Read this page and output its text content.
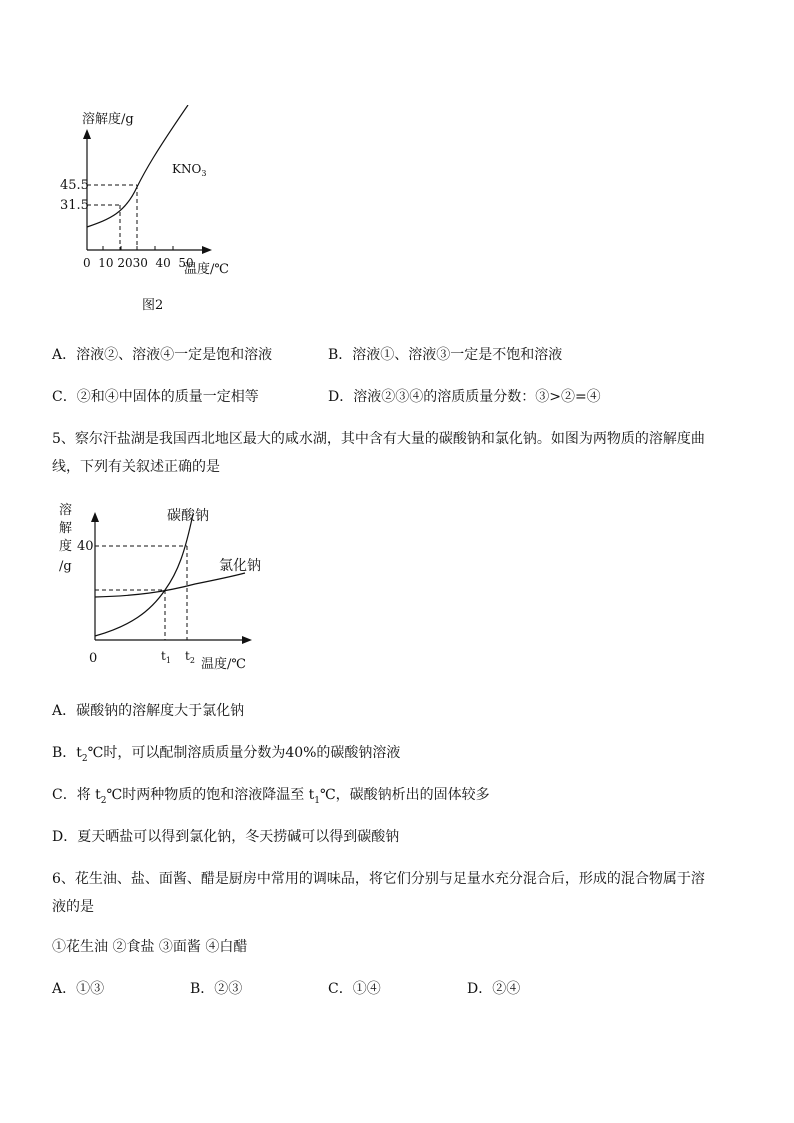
溶解度/g
45.5
31.5
$KNO_3$
0  10 2030  40  50
温度/℃
图2
A．溶液②、溶液④一定是饱和溶液	B．溶液①、溶液③一定是不饱和溶液
C．②和④中固体的质量一定相等	D．溶液②③④的溶质质量分数：③>②=④
5、察尔汗盐湖是我国西北地区最大的咸水湖，其中含有大量的碳酸钠和氯化钠。如图为两物质的溶解度曲
线，下列有关叙述正确的是
溶
解
度
/g
40
0	$t_1$ $t_2$ 温度/℃
碳酸钠
氯化钠
A．碳酸钠的溶解度大于氯化钠
B．$t_2℃$时，可以配制溶质质量分数为40%的碳酸钠溶液
C．将 $t_2℃$时两种物质的饱和溶液降温至 $t_1℃$，碳酸钠析出的固体较多
D．夏天晒盐可以得到氯化钠，冬天捞碱可以得到碳酸钠
6、花生油、盐、面酱、醋是厨房中常用的调味品，将它们分别与足量水充分混合后，形成的混合物属于溶
液的是
①花生油 ②食盐 ③面酱 ④白醋
A．①③	B．②③	C．①④	D．②④
